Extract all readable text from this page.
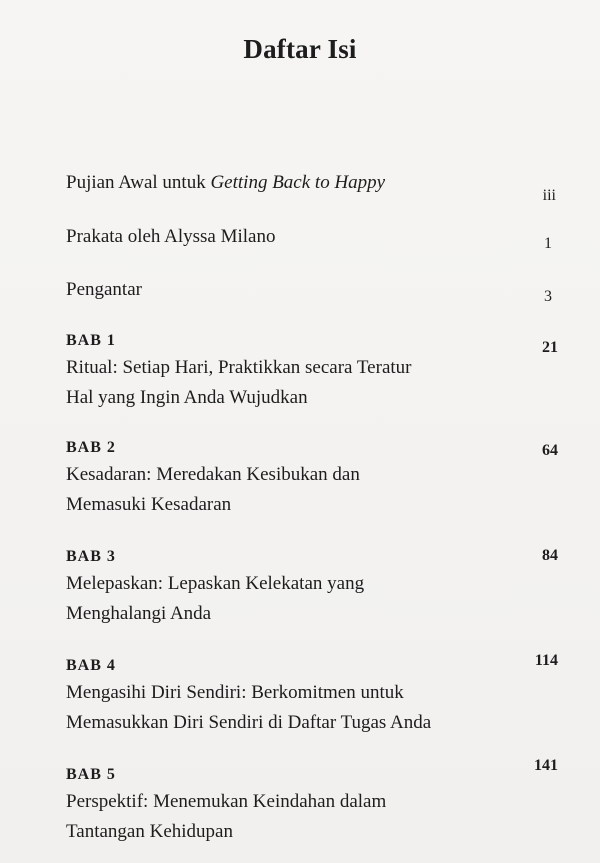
Daftar Isi
Pujian Awal untuk Getting Back to Happy
iii
Prakata oleh Alyssa Milano	1
Pengantar	3
BAB 1
Ritual: Setiap Hari, Praktikkan secara Teratur
Hal yang Ingin Anda Wujudkan
21
BAB 2
Kesadaran: Meredakan Kesibukan dan
Memasuki Kesadaran
64
BAB 3
Melepaskan: Lepaskan Kelekatan yang
Menghalangi Anda
84
BAB 4
Mengasihi Diri Sendiri: Berkomitmen untuk
Memasukkan Diri Sendiri di Daftar Tugas Anda
114
BAB 5
Perspektif: Menemukan Keindahan dalam
Tantangan Kehidupan
141
